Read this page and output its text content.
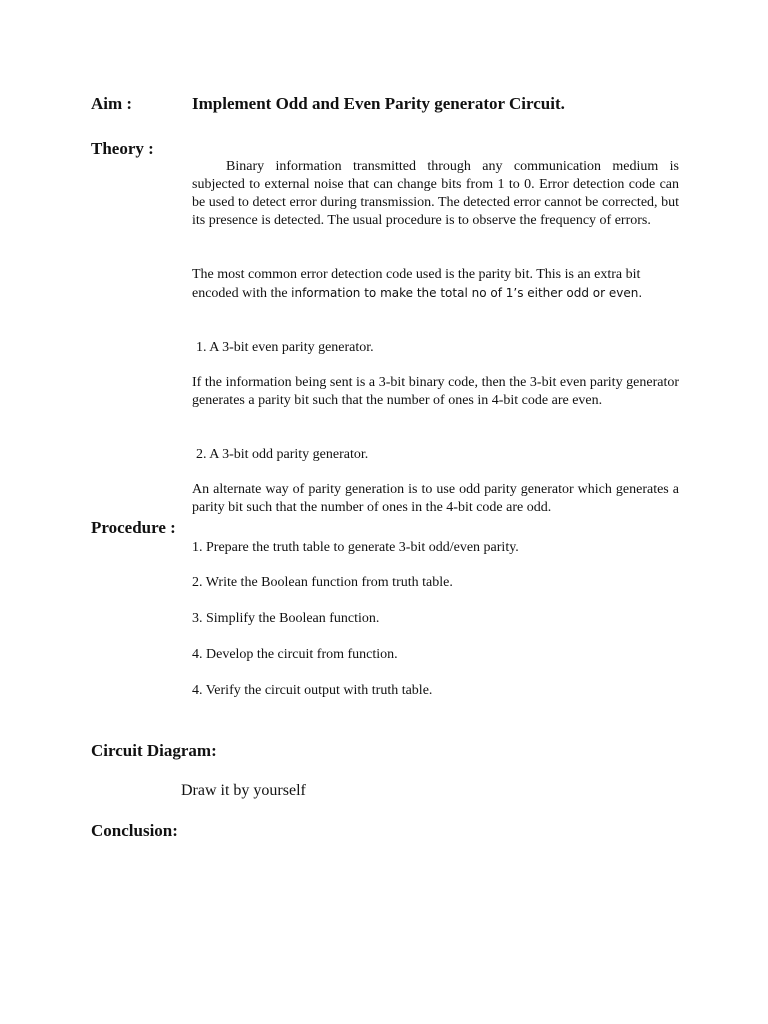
Aim :	Implement Odd and Even Parity generator Circuit.
Theory :

Binary information transmitted through any communication medium is subjected to external noise that can change bits from 1 to 0. Error detection code can be used to detect error during transmission. The detected error cannot be corrected, but its presence is detected. The usual procedure is to observe the frequency of errors.

The most common error detection code used is the parity bit. This is an extra bit encoded with the information to make the total no of 1’s either odd or even.

1. A 3-bit even parity generator.

If the information being sent is a 3-bit binary code, then the 3-bit even parity generator generates a parity bit such that the number of ones in 4-bit code are even.

2. A 3-bit odd parity generator.

An alternate way of parity generation is to use odd parity generator which generates a parity bit such that the number of ones in the 4-bit code are odd.

Procedure :
1. Prepare the truth table to generate 3-bit odd/even parity.
2. Write the Boolean function from truth table.
3. Simplify the Boolean function.
4. Develop the circuit from function.
4. Verify the circuit output with truth table.
Circuit Diagram:
Draw it by yourself
Conclusion:
